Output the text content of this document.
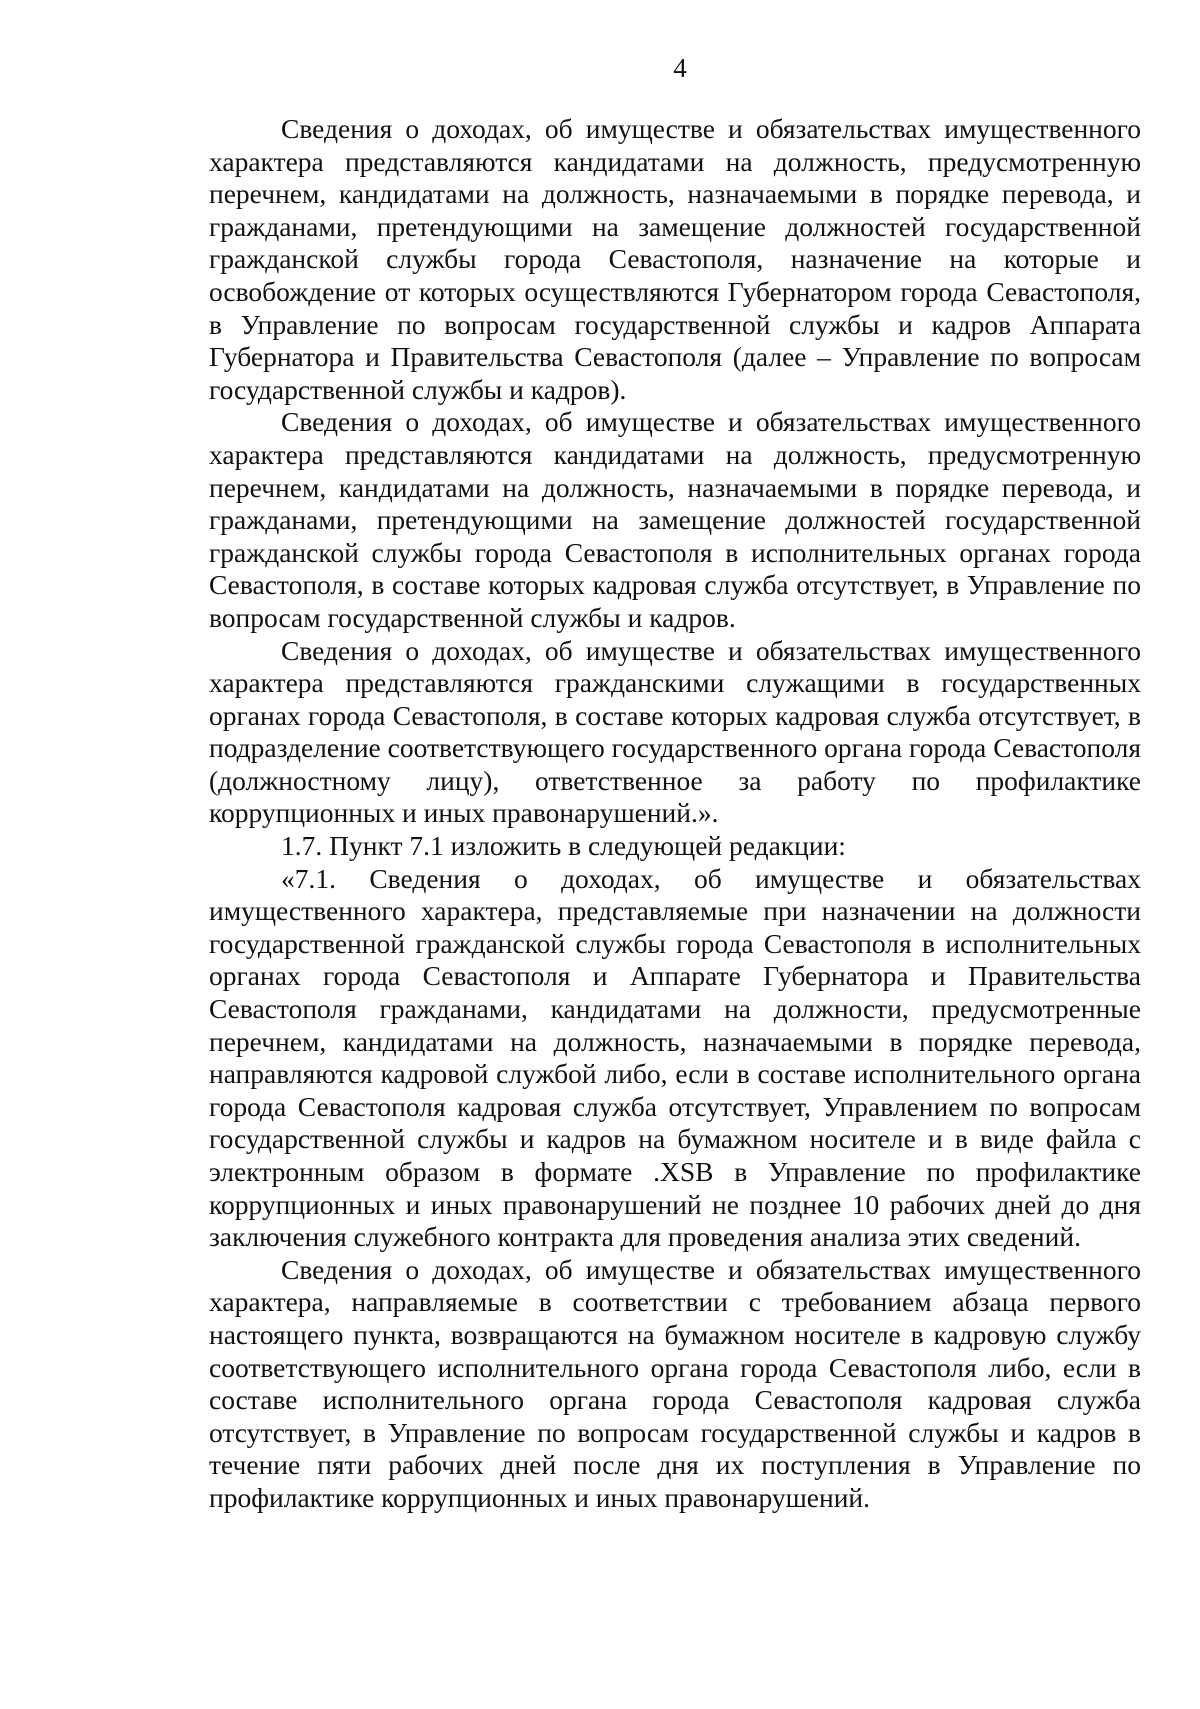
4

Сведения о доходах, об имуществе и обязательствах имущественного характера представляются кандидатами на должность, предусмотренную перечнем, кандидатами на должность, назначаемыми в порядке перевода, и гражданами, претендующими на замещение должностей государственной гражданской службы города Севастополя, назначение на которые и освобождение от которых осуществляются Губернатором города Севастополя, в Управление по вопросам государственной службы и кадров Аппарата Губернатора и Правительства Севастополя (далее – Управление по вопросам государственной службы и кадров).

Сведения о доходах, об имуществе и обязательствах имущественного характера представляются кандидатами на должность, предусмотренную перечнем, кандидатами на должность, назначаемыми в порядке перевода, и гражданами, претендующими на замещение должностей государственной гражданской службы города Севастополя в исполнительных органах города Севастополя, в составе которых кадровая служба отсутствует, в Управление по вопросам государственной службы и кадров.

Сведения о доходах, об имуществе и обязательствах имущественного характера представляются гражданскими служащими в государственных органах города Севастополя, в составе которых кадровая служба отсутствует, в подразделение соответствующего государственного органа города Севастополя (должностному лицу), ответственное за работу по профилактике коррупционных и иных правонарушений.».

1.7. Пункт 7.1 изложить в следующей редакции:

«7.1. Сведения о доходах, об имуществе и обязательствах имущественного характера, представляемые при назначении на должности государственной гражданской службы города Севастополя в исполнительных органах города Севастополя и Аппарате Губернатора и Правительства Севастополя гражданами, кандидатами на должности, предусмотренные перечнем, кандидатами на должность, назначаемыми в порядке перевода, направляются кадровой службой либо, если в составе исполнительного органа города Севастополя кадровая служба отсутствует, Управлением по вопросам государственной службы и кадров на бумажном носителе и в виде файла с электронным образом в формате .XSB в Управление по профилактике коррупционных и иных правонарушений не позднее 10 рабочих дней до дня заключения служебного контракта для проведения анализа этих сведений.

Сведения о доходах, об имуществе и обязательствах имущественного характера, направляемые в соответствии с требованием абзаца первого настоящего пункта, возвращаются на бумажном носителе в кадровую службу соответствующего исполнительного органа города Севастополя либо, если в составе исполнительного органа города Севастополя кадровая служба отсутствует, в Управление по вопросам государственной службы и кадров в течение пяти рабочих дней после дня их поступления в Управление по профилактике коррупционных и иных правонарушений.
